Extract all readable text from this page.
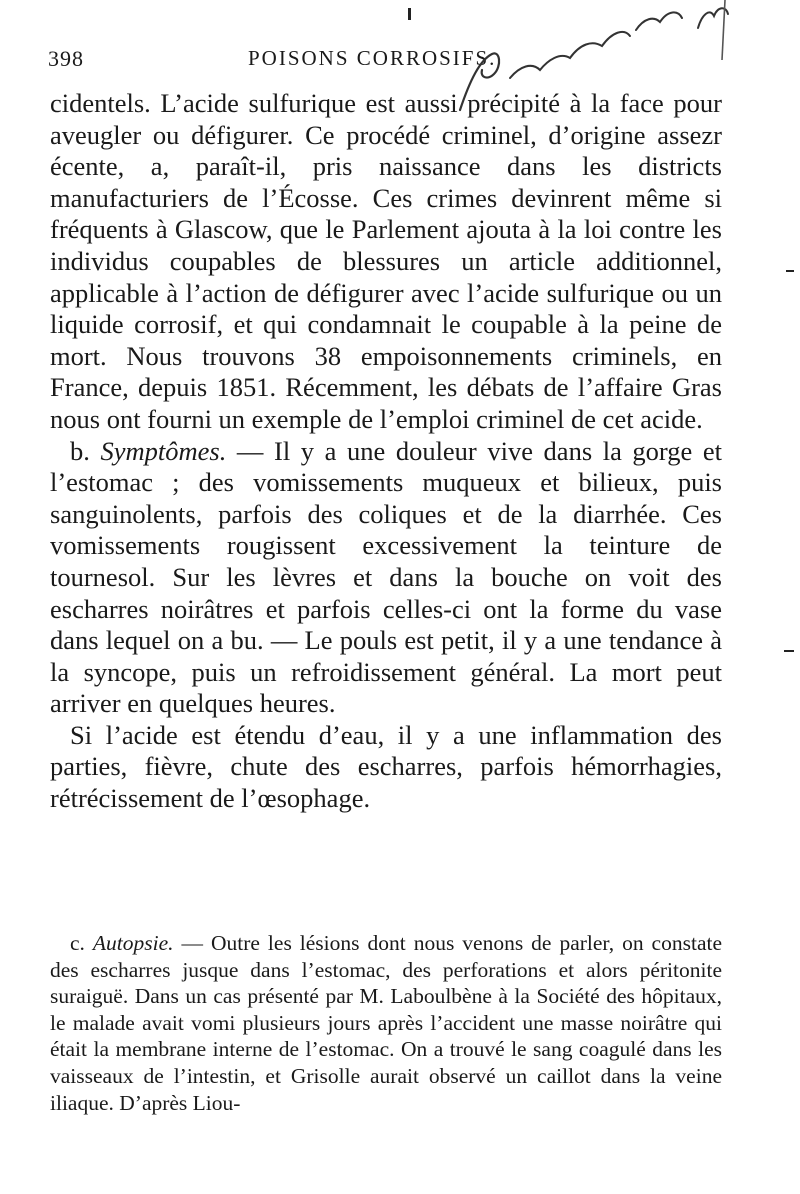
398	POISONS CORROSIFS.

cidentels. L’acide sulfurique est aussi précipité à la face pour aveugler ou défigurer. Ce procédé criminel, d’origine assezr écente, a, paraît-il, pris naissance dans les districts manufacturiers de l’Écosse. Ces crimes devinrent même si fréquents à Glascow, que le Parlement ajouta à la loi contre les individus coupables de blessures un article additionnel, applicable à l’action de défigurer avec l’acide sulfurique ou un liquide corrosif, et qui condamnait le coupable à la peine de mort. Nous trouvons 38 empoisonnements criminels, en France, depuis 1851. Récemment, les débats de l’affaire Gras nous ont fourni un exemple de l’emploi criminel de cet acide.

b. Symptômes. — Il y a une douleur vive dans la gorge et l’estomac ; des vomissements muqueux et bilieux, puis sanguinolents, parfois des coliques et de la diarrhée. Ces vomissements rougissent excessivement la teinture de tournesol. Sur les lèvres et dans la bouche on voit des escharres noirâtres et parfois celles-ci ont la forme du vase dans lequel on a bu. — Le pouls est petit, il y a une tendance à la syncope, puis un refroidissement général. La mort peut arriver en quelques heures.

Si l’acide est étendu d’eau, il y a une inflammation des parties, fièvre, chute des escharres, parfois hémorrhagies, rétrécissement de l’œsophage.

c. Autopsie. — Outre les lésions dont nous venons de parler, on constate des escharres jusque dans l’estomac, des perforations et alors péritonite suraiguë. Dans un cas présenté par M. Laboulbène à la Société des hôpitaux, le malade avait vomi plusieurs jours après l’accident une masse noirâtre qui était la membrane interne de l’estomac. On a trouvé le sang coagulé dans les vaisseaux de l’intestin, et Grisolle aurait observé un caillot dans la veine iliaque. D’après Liou-
